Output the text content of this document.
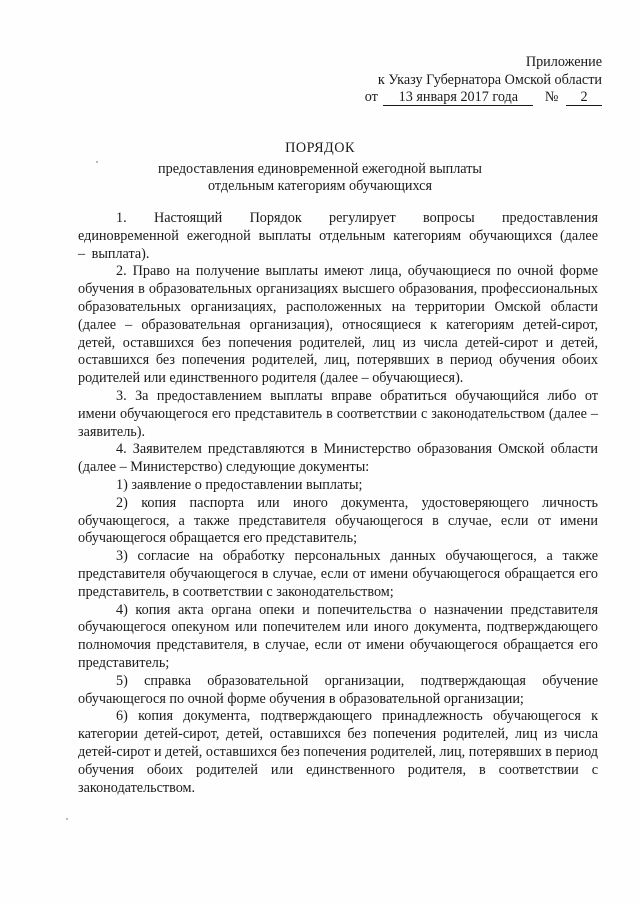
Приложение
к Указу Губернатора Омской области
от 13 января 2017 года № 2
ПОРЯДОК
предоставления единовременной ежегодной выплаты
отдельным категориям обучающихся

1. Настоящий Порядок регулирует вопросы предоставления единовременной ежегодной выплаты отдельным категориям обучающихся (далее – выплата).

2. Право на получение выплаты имеют лица, обучающиеся по очной форме обучения в образовательных организациях высшего образования, профессиональных образовательных организациях, расположенных на территории Омской области (далее – образовательная организация), относящиеся к категориям детей-сирот, детей, оставшихся без попечения родителей, лиц из числа детей-сирот и детей, оставшихся без попечения родителей, лиц, потерявших в период обучения обоих родителей или единственного родителя (далее – обучающиеся).

3. За предоставлением выплаты вправе обратиться обучающийся либо от имени обучающегося его представитель в соответствии с законодательством (далее – заявитель).

4. Заявителем представляются в Министерство образования Омской области (далее – Министерство) следующие документы:

1) заявление о предоставлении выплаты;

2) копия паспорта или иного документа, удостоверяющего личность обучающегося, а также представителя обучающегося в случае, если от имени обучающегося обращается его представитель;

3) согласие на обработку персональных данных обучающегося, а также представителя обучающегося в случае, если от имени обучающегося обращается его представитель, в соответствии с законодательством;

4) копия акта органа опеки и попечительства о назначении представителя обучающегося опекуном или попечителем или иного документа, подтверждающего полномочия представителя, в случае, если от имени обучающегося обращается его представитель;

5) справка образовательной организации, подтверждающая обучение обучающегося по очной форме обучения в образовательной организации;

6) копия документа, подтверждающего принадлежность обучающегося к категории детей-сирот, детей, оставшихся без попечения родителей, лиц из числа детей-сирот и детей, оставшихся без попечения родителей, лиц, потерявших в период обучения обоих родителей или единственного родителя, в соответствии с законодательством.
